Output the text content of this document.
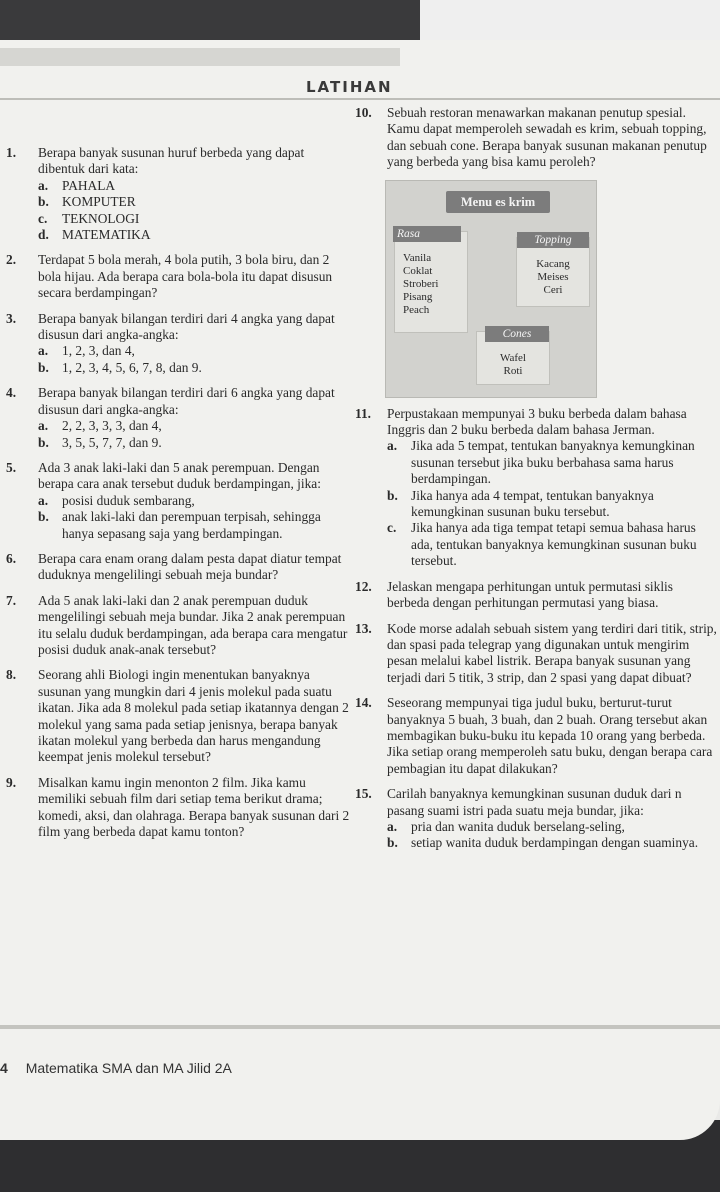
LATIHAN
1.	Berapa banyak susunan huruf berbeda yang dapat dibentuk dari kata:
a.	PAHALA
b. KOMPUTER
c.	TEKNOLOGI
d. MATEMATIKA
2.	Terdapat 5 bola merah, 4 bola putih, 3 bola biru, dan 2 bola hijau. Ada berapa cara bola-bola itu dapat disusun secara berdampingan?
3.	Berapa banyak bilangan terdiri dari 4 angka yang dapat disusun dari angka-angka:
a.	1, 2, 3, dan 4,
b. 1, 2, 3, 4, 5, 6, 7, 8, dan 9.
4.	Berapa banyak bilangan terdiri dari 6 angka yang dapat disusun dari angka-angka:
a.	2, 2, 3, 3, 3, dan 4,
b. 3, 5, 5, 7, 7, dan 9.
5.	Ada 3 anak laki-laki dan 5 anak perempuan. Dengan berapa cara anak tersebut duduk berdampingan, jika:
a.	posisi duduk sembarang,
b. anak laki-laki dan perempuan terpisah, sehingga hanya sepasang saja yang berdampingan.
6.	Berapa cara enam orang dalam pesta dapat diatur tempat duduknya mengelilingi sebuah meja bundar?
7.	Ada 5 anak laki-laki dan 2 anak perempuan duduk mengelilingi sebuah meja bundar. Jika 2 anak perempuan itu selalu duduk berdampingan, ada berapa cara mengatur posisi duduk anak-anak tersebut?
8.	Seorang ahli Biologi ingin menentukan banyaknya susunan yang mungkin dari 4 jenis molekul pada suatu ikatan. Jika ada 8 molekul pada setiap ikatannya dengan 2 molekul yang sama pada setiap jenisnya, berapa banyak ikatan molekul yang berbeda dan harus mengandung keempat jenis molekul tersebut?
9.	Misalkan kamu ingin menonton 2 film. Jika kamu memiliki sebuah film dari setiap tema berikut drama; komedi, aksi, dan olahraga. Berapa banyak susunan dari 2 film yang berbeda dapat kamu tonton?
10.	Sebuah restoran menawarkan makanan penutup spesial. Kamu dapat memperoleh sewadah es krim, sebuah topping, dan sebuah cone. Berapa banyak susunan makanan penutup yang berbeda yang bisa kamu peroleh?
Menu es krim
Rasa
Vanila
Coklat
Stroberi
Pisang
Peach
Topping
Kacang
Meises
Ceri
Cones
Wafel
Roti
11.	Perpustakaan mempunyai 3 buku berbeda dalam bahasa Inggris dan 2 buku berbeda dalam bahasa Jerman.
a.	Jika ada 5 tempat, tentukan banyaknya kemungkinan susunan tersebut jika buku berbahasa sama harus berdampingan.
b. Jika hanya ada 4 tempat, tentukan banyaknya kemungkinan susunan buku tersebut.
c.	Jika hanya ada tiga tempat tetapi semua bahasa harus ada, tentukan banyaknya kemungkinan susunan buku tersebut.
12.	Jelaskan mengapa perhitungan untuk permutasi siklis berbeda dengan perhitungan permutasi yang biasa.
13.	Kode morse adalah sebuah sistem yang terdiri dari titik, strip, dan spasi pada telegrap yang digunakan untuk mengirim pesan melalui kabel listrik. Berapa banyak susunan yang terjadi dari 5 titik, 3 strip, dan 2 spasi yang dapat dibuat?
14.	Seseorang mempunyai tiga judul buku, berturut-turut banyaknya 5 buah, 3 buah, dan 2 buah. Orang tersebut akan membagikan buku-buku itu kepada 10 orang yang berbeda. Jika setiap orang memperoleh satu buku, dengan berapa cara pembagian itu dapat dilakukan?
15.	Carilah banyaknya kemungkinan susunan duduk dari n pasang suami istri pada suatu meja bundar, jika:
a.	pria dan wanita duduk berselang-seling,
b. setiap wanita duduk berdampingan dengan suaminya.
4 Matematika SMA dan MA Jilid 2A
